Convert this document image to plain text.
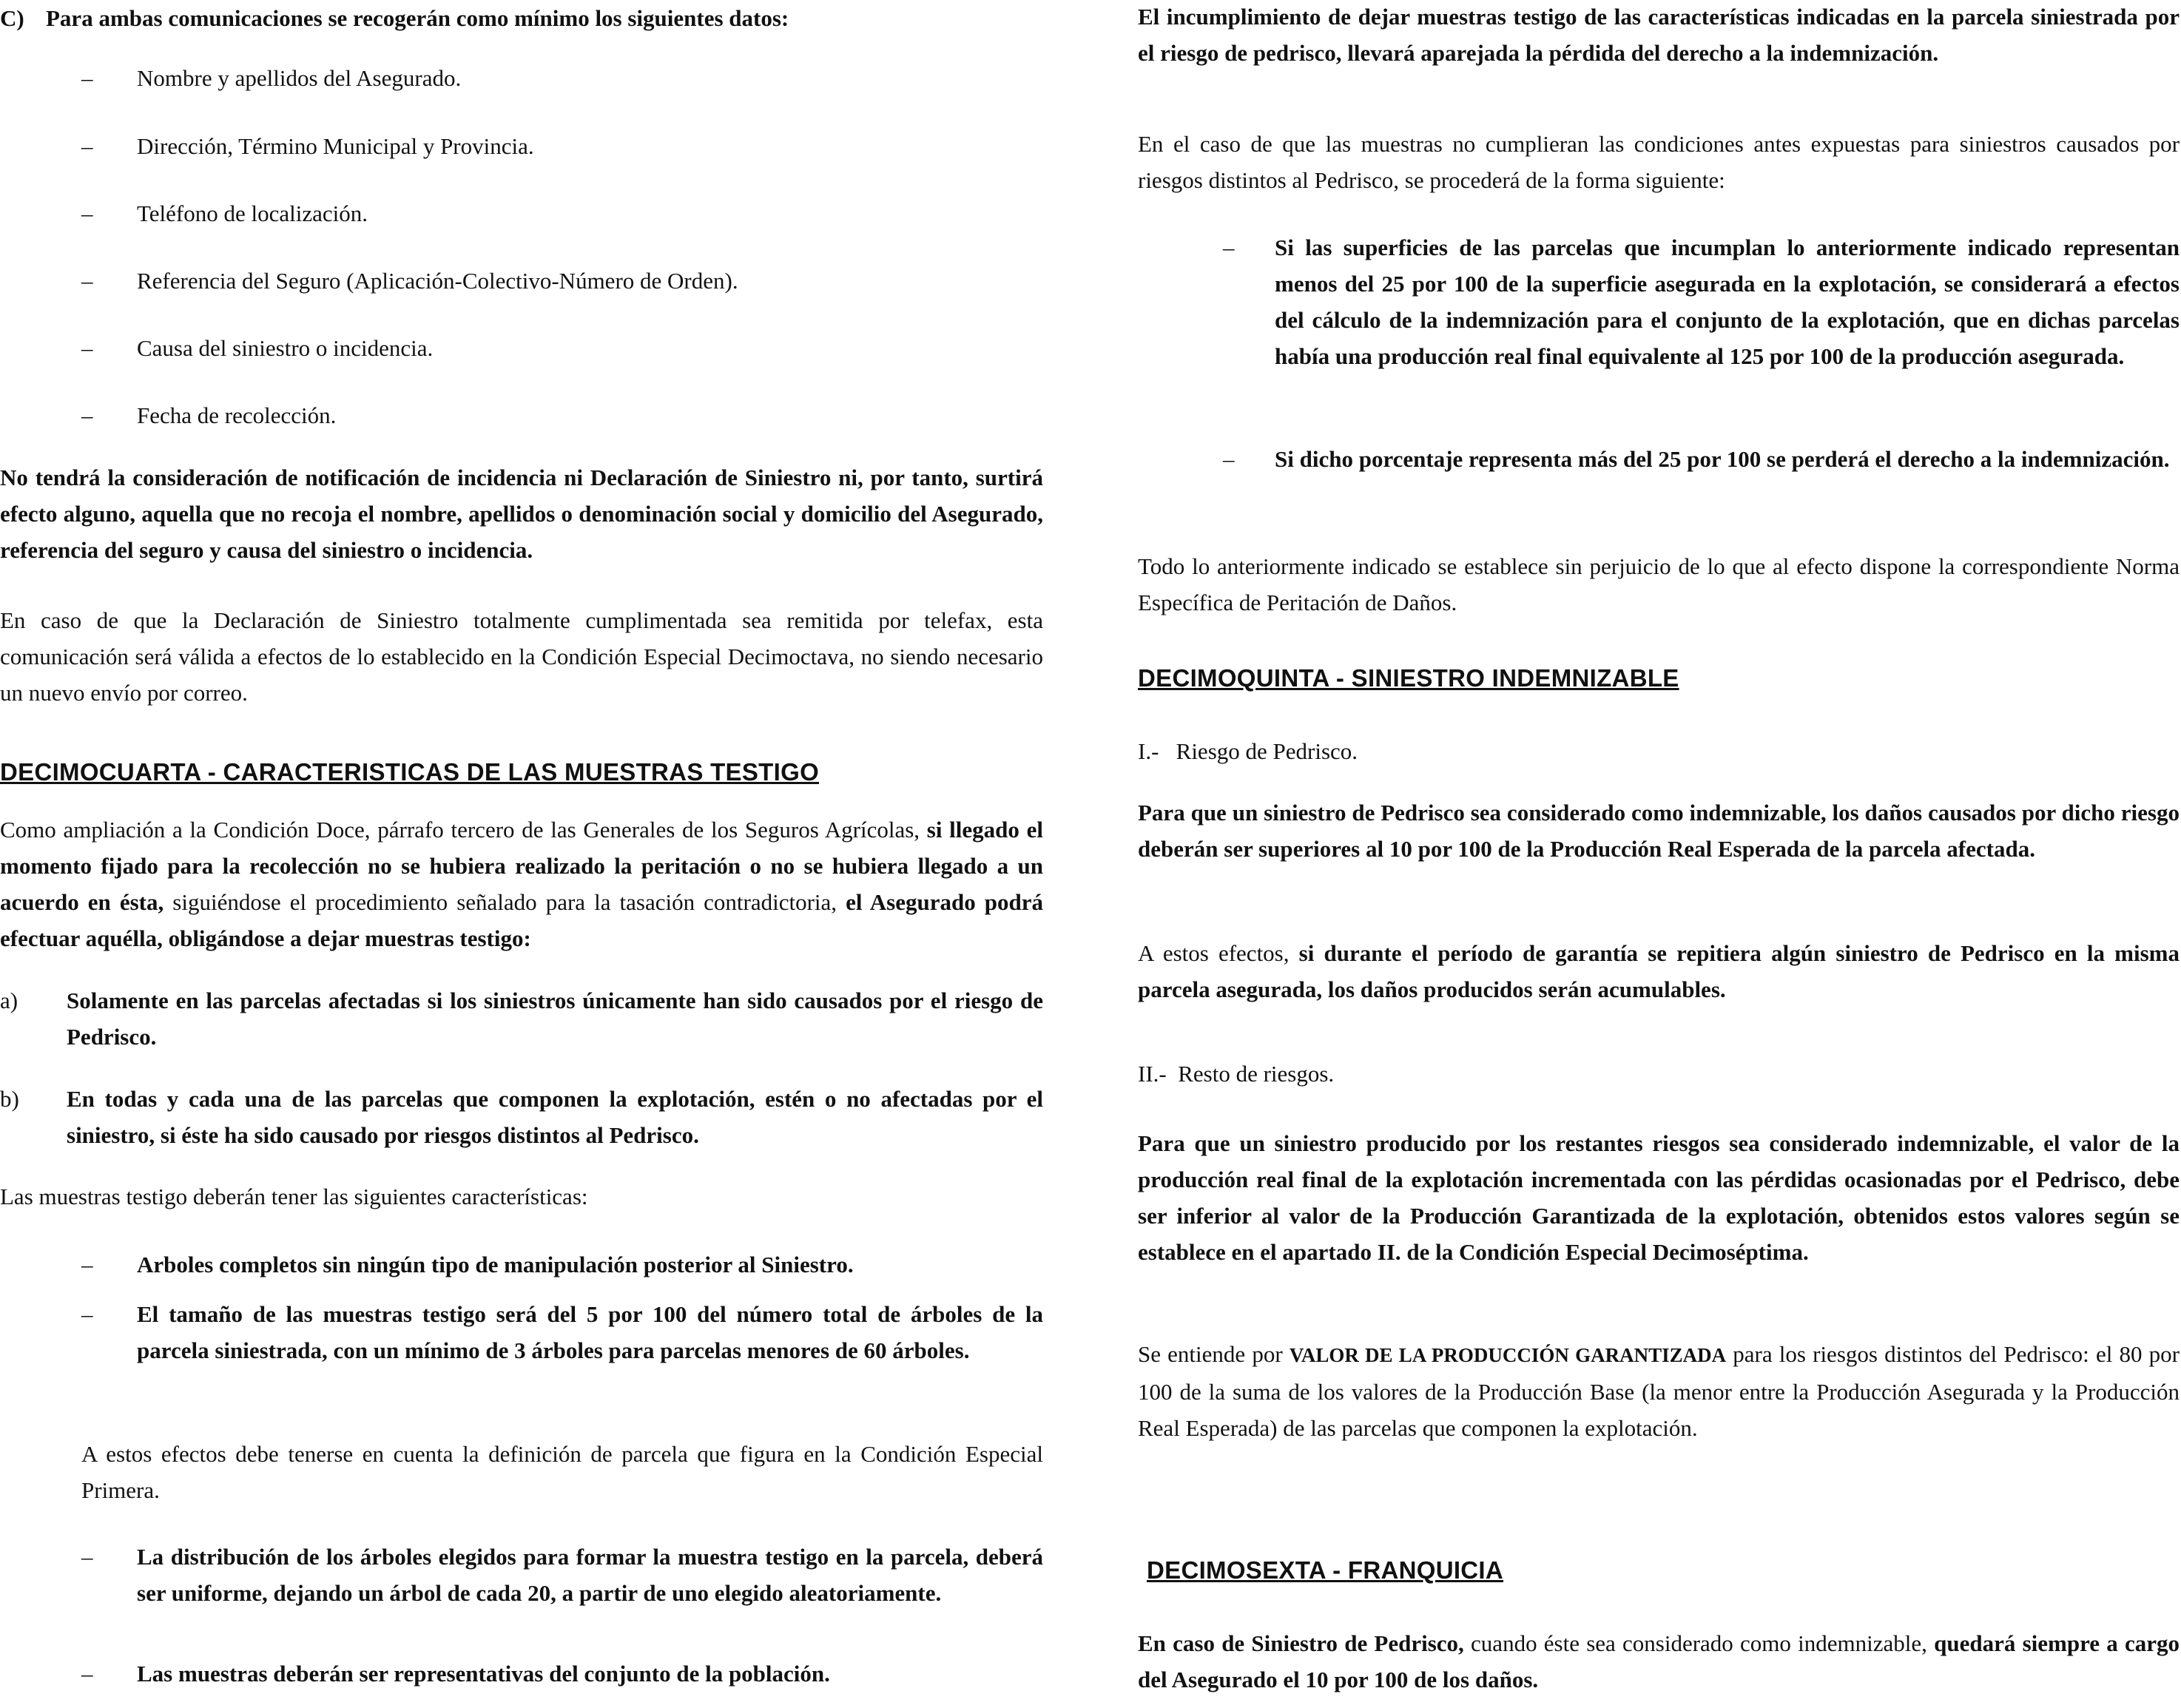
C) Para ambas comunicaciones se recogerán como mínimo los siguientes datos:

– Nombre y apellidos del Asegurado.

– Dirección, Término Municipal y Provincia.

– Teléfono de localización.

– Referencia del Seguro (Aplicación-Colectivo-Número de Orden).

– Causa del siniestro o incidencia.

– Fecha de recolección.

No tendrá la consideración de notificación de incidencia ni Declaración de Siniestro ni, por tanto, surtirá efecto alguno, aquella que no recoja el nombre, apellidos o denominación social y domicilio del Asegurado, referencia del seguro y causa del siniestro o incidencia.

En caso de que la Declaración de Siniestro totalmente cumplimentada sea remitida por telefax, esta comunicación será válida a efectos de lo establecido en la Condición Especial Decimoctava, no siendo necesario un nuevo envío por correo.

DECIMOCUARTA - CARACTERISTICAS DE LAS MUESTRAS TESTIGO

Como ampliación a la Condición Doce, párrafo tercero de las Generales de los Seguros Agrícolas, si llegado el momento fijado para la recolección no se hubiera realizado la peritación o no se hubiera llegado a un acuerdo en ésta, siguiéndose el procedimiento señalado para la tasación contradictoria, el Asegurado podrá efectuar aquélla, obligándose a dejar muestras testigo:

a) Solamente en las parcelas afectadas si los siniestros únicamente han sido causados por el riesgo de Pedrisco.

b) En todas y cada una de las parcelas que componen la explotación, estén o no afectadas por el siniestro, si éste ha sido causado por riesgos distintos al Pedrisco.

Las muestras testigo deberán tener las siguientes características:

– Arboles completos sin ningún tipo de manipulación posterior al Siniestro.

– El tamaño de las muestras testigo será del 5 por 100 del número total de árboles de la parcela siniestrada, con un mínimo de 3 árboles para parcelas menores de 60 árboles.

A estos efectos debe tenerse en cuenta la definición de parcela que figura en la Condición Especial Primera.

– La distribución de los árboles elegidos para formar la muestra testigo en la parcela, deberá ser uniforme, dejando un árbol de cada 20, a partir de uno elegido aleatoriamente.

– Las muestras deberán ser representativas del conjunto de la población.

El incumplimiento de dejar muestras testigo de las características indicadas en la parcela siniestrada por el riesgo de pedrisco, llevará aparejada la pérdida del derecho a la indemnización.

En el caso de que las muestras no cumplieran las condiciones antes expuestas para siniestros causados por riesgos distintos al Pedrisco, se procederá de la forma siguiente:

– Si las superficies de las parcelas que incumplan lo anteriormente indicado representan menos del 25 por 100 de la superficie asegurada en la explotación, se considerará a efectos del cálculo de la indemnización para el conjunto de la explotación, que en dichas parcelas había una producción real final equivalente al 125 por 100 de la producción asegurada.

– Si dicho porcentaje representa más del 25 por 100 se perderá el derecho a la indemnización.

Todo lo anteriormente indicado se establece sin perjuicio de lo que al efecto dispone la correspondiente Norma Específica de Peritación de Daños.

DECIMOQUINTA - SINIESTRO INDEMNIZABLE

I.-   Riesgo de Pedrisco.

Para que un siniestro de Pedrisco sea considerado como indemnizable, los daños causados por dicho riesgo deberán ser superiores al 10 por 100 de la Producción Real Esperada de la parcela afectada.

A estos efectos, si durante el período de garantía se repitiera algún siniestro de Pedrisco en la misma parcela asegurada, los daños producidos serán acumulables.

II.-  Resto de riesgos.

Para que un siniestro producido por los restantes riesgos sea considerado indemnizable, el valor de la producción real final de la explotación incrementada con las pérdidas ocasionadas por el Pedrisco, debe ser inferior al valor de la Producción Garantizada de la explotación, obtenidos estos valores según se establece en el apartado II. de la Condición Especial Decimoséptima.

Se entiende por VALOR DE LA PRODUCCIÓN GARANTIZADA para los riesgos distintos del Pedrisco: el 80 por 100 de la suma de los valores de la Producción Base (la menor entre la Producción Asegurada y la Producción Real Esperada) de las parcelas que componen la explotación.

DECIMOSEXTA - FRANQUICIA

En caso de Siniestro de Pedrisco, cuando éste sea considerado como indemnizable, quedará siempre a cargo del Asegurado el 10 por 100 de los daños.
